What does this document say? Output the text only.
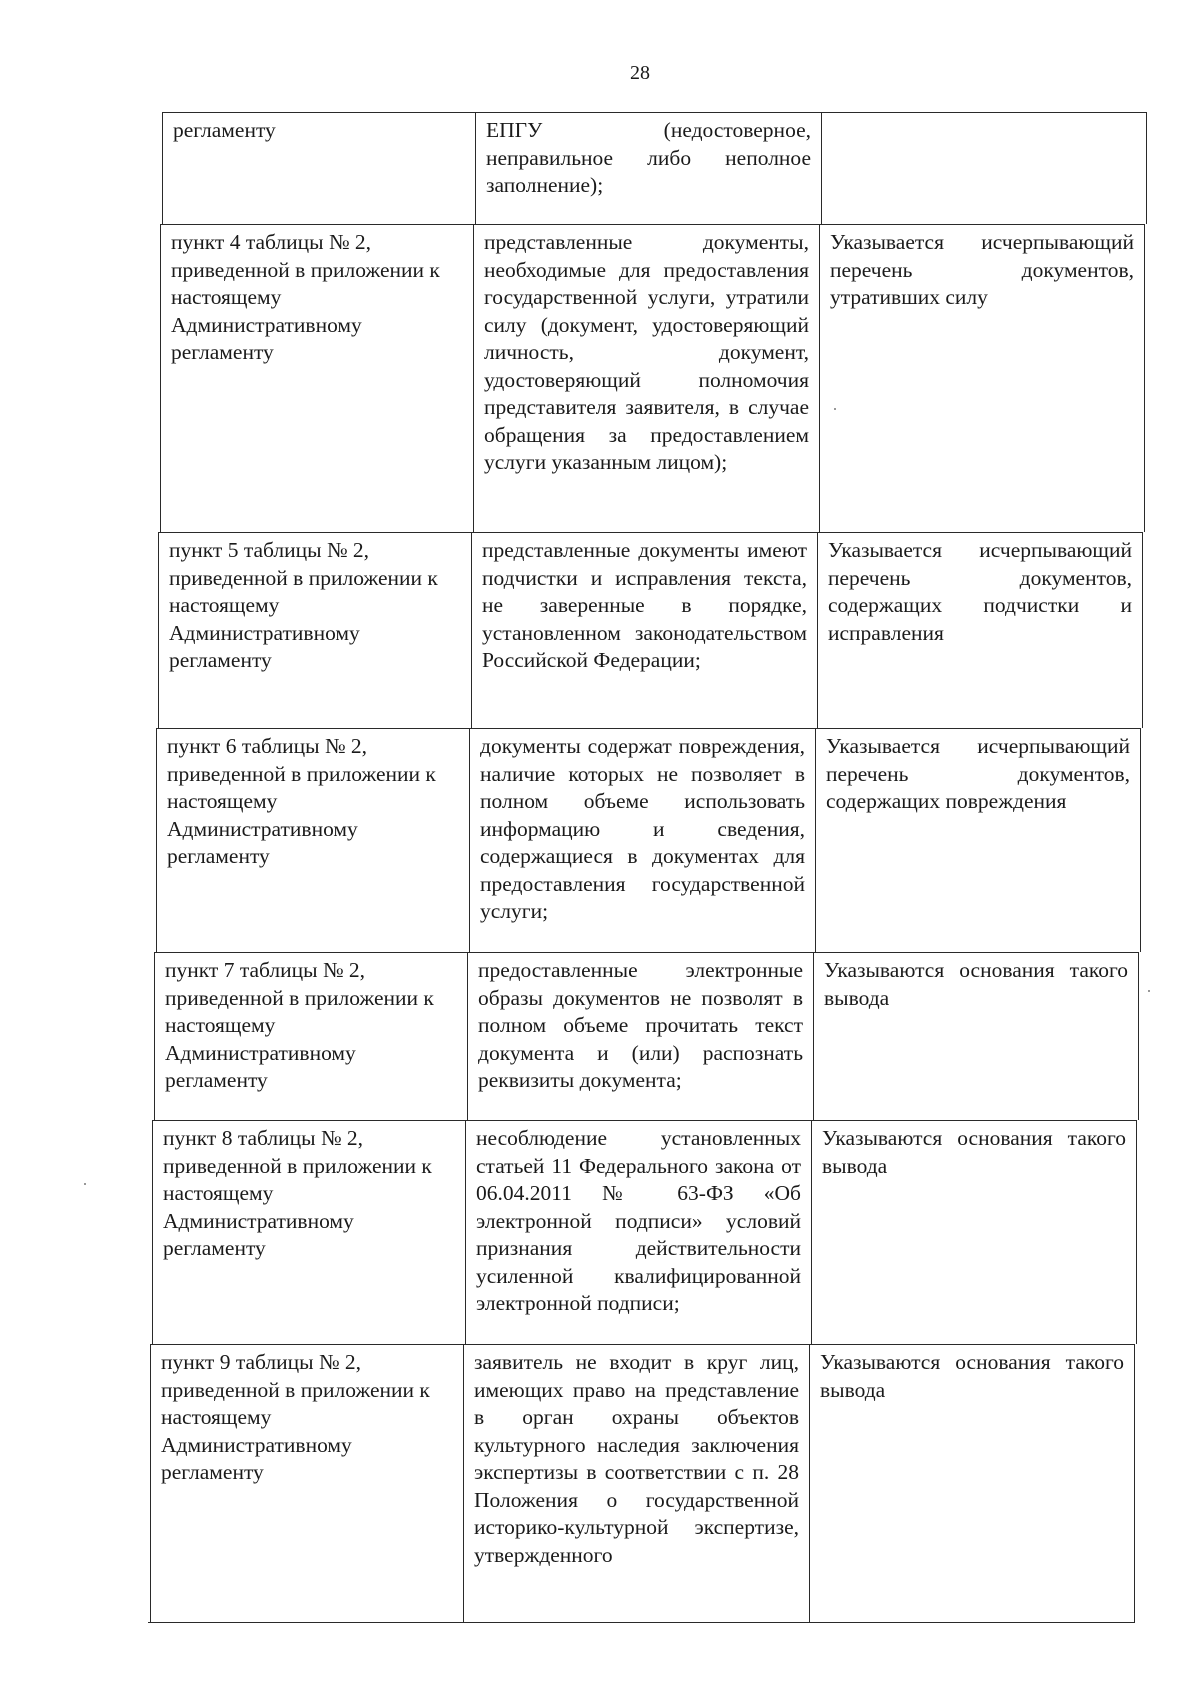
28
регламенту	ЕПГУ (недостоверное, неправильное либо неполное заполнение);
пункт 4 таблицы № 2, приведенной в приложении к настоящему Административному регламенту
представленные документы, необходимые для предоставления государственной услуги, утратили силу (документ, удостоверяющий личность, документ, удостоверяющий полномочия представителя заявителя, в случае обращения за предоставлением услуги указанным лицом);
Указывается исчерпывающий перечень документов, утративших силу
пункт 5 таблицы № 2, приведенной в приложении к настоящему Административному регламенту
представленные документы имеют подчистки и исправления текста, не заверенные в порядке, установленном законодательством Российской Федерации;
Указывается исчерпывающий перечень документов, содержащих подчистки и исправления
пункт 6 таблицы № 2, приведенной в приложении к настоящему Административному регламенту
документы содержат повреждения, наличие которых не позволяет в полном объеме использовать информацию и сведения, содержащиеся в документах для предоставления государственной услуги;
Указывается исчерпывающий перечень документов, содержащих повреждения
пункт 7 таблицы № 2, приведенной в приложении к настоящему Административному регламенту
предоставленные электронные образы документов не позволят в полном объеме прочитать текст документа и (или) распознать реквизиты документа;
Указываются основания такого вывода
пункт 8 таблицы № 2, приведенной в приложении к настоящему Административному регламенту
несоблюдение установленных статьей 11 Федерального закона от 06.04.2011 № 63-ФЗ «Об электронной подписи» условий признания действительности усиленной квалифицированной электронной подписи;
Указываются основания такого вывода
пункт 9 таблицы № 2, приведенной в приложении к настоящему Административному регламенту
заявитель не входит в круг лиц, имеющих право на представление в орган охраны объектов культурного наследия заключения экспертизы в соответствии с п. 28 Положения о государственной историко-культурной экспертизе, утвержденного
Указываются основания такого вывода
